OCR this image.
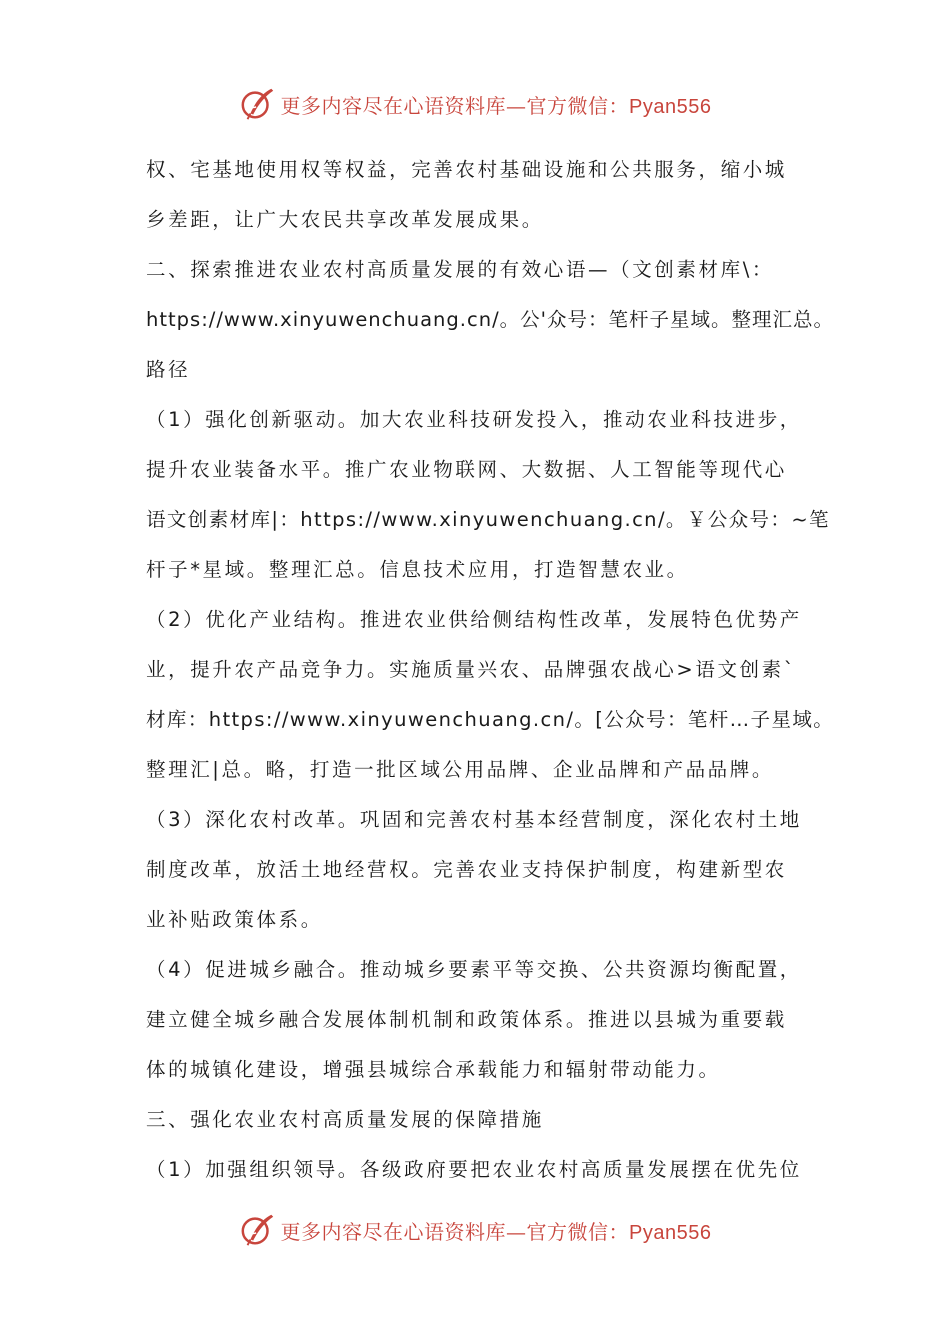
更多内容尽在心语资料库—官方微信：Pyan556
权、宅基地使用权等权益，完善农村基础设施和公共服务，缩小城
乡差距，让广大农民共享改革发展成果。
二、探索推进农业农村高质量发展的有效心语—（文创素材库\：
https://www.xinyuwenchuang.cn/。公'众号：笔杆子星域。整理汇总。
路径
（1）强化创新驱动。加大农业科技研发投入，推动农业科技进步，
提升农业装备水平。推广农业物联网、大数据、人工智能等现代心
语文创素材库|：https://www.xinyuwenchuang.cn/。￥公众号：~笔
杆子*星域。整理汇总。信息技术应用，打造智慧农业。
（2）优化产业结构。推进农业供给侧结构性改革，发展特色优势产
业，提升农产品竞争力。实施质量兴农、品牌强农战心>语文创素`
材库：https://www.xinyuwenchuang.cn/。[公众号：笔杆…子星域。
整理汇|总。略，打造一批区域公用品牌、企业品牌和产品品牌。
（3）深化农村改革。巩固和完善农村基本经营制度，深化农村土地
制度改革，放活土地经营权。完善农业支持保护制度，构建新型农
业补贴政策体系。
（4）促进城乡融合。推动城乡要素平等交换、公共资源均衡配置，
建立健全城乡融合发展体制机制和政策体系。推进以县城为重要载
体的城镇化建设，增强县城综合承载能力和辐射带动能力。
三、强化农业农村高质量发展的保障措施
（1）加强组织领导。各级政府要把农业农村高质量发展摆在优先位
更多内容尽在心语资料库—官方微信：Pyan556
